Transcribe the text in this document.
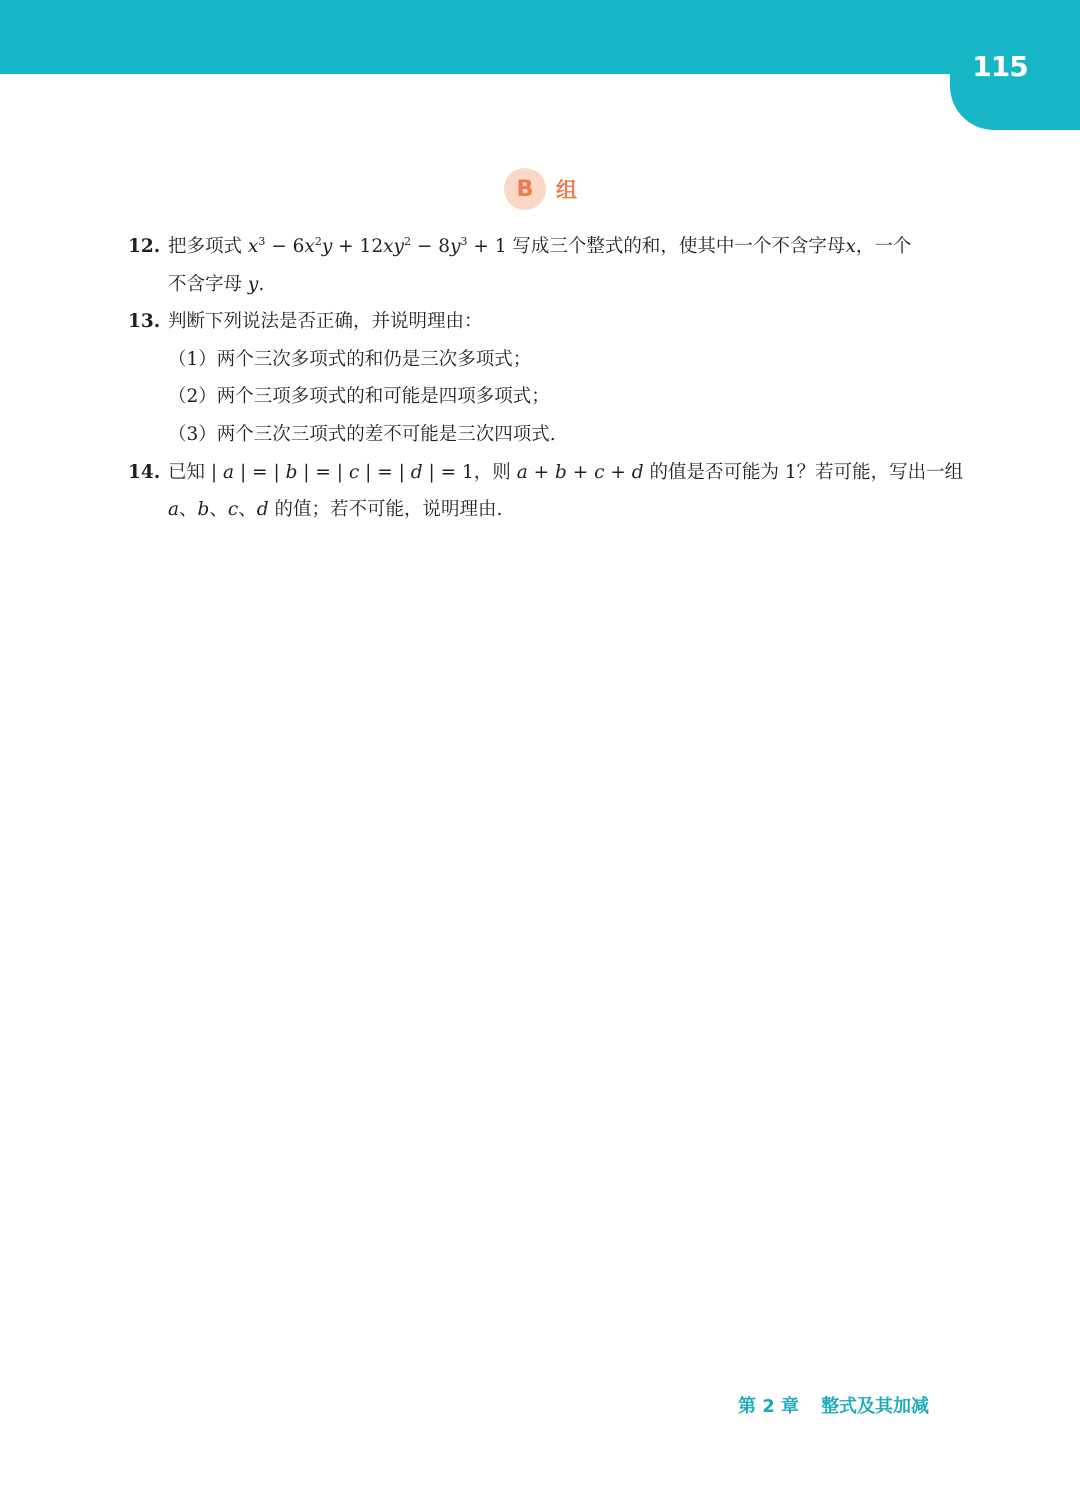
115
B	组
12. 把多项式 $x^3 - 6x^2y + 12xy^2 - 8y^3 + 1$ 写成三个整式的和，使其中一个不含字母x，一个
不含字母 y.
13. 判断下列说法是否正确，并说明理由：
（1）两个三次多项式的和仍是三次多项式；
（2）两个三项多项式的和可能是四项多项式；
（3）两个三次三项式的差不可能是三次四项式.
14. 已知 | a | = | b | = | c | = | d | = 1，则 a + b + c + d 的值是否可能为 1？若可能，写出一组
a、b、c、d 的值；若不可能，说明理由.
第 2 章 整式及其加减
